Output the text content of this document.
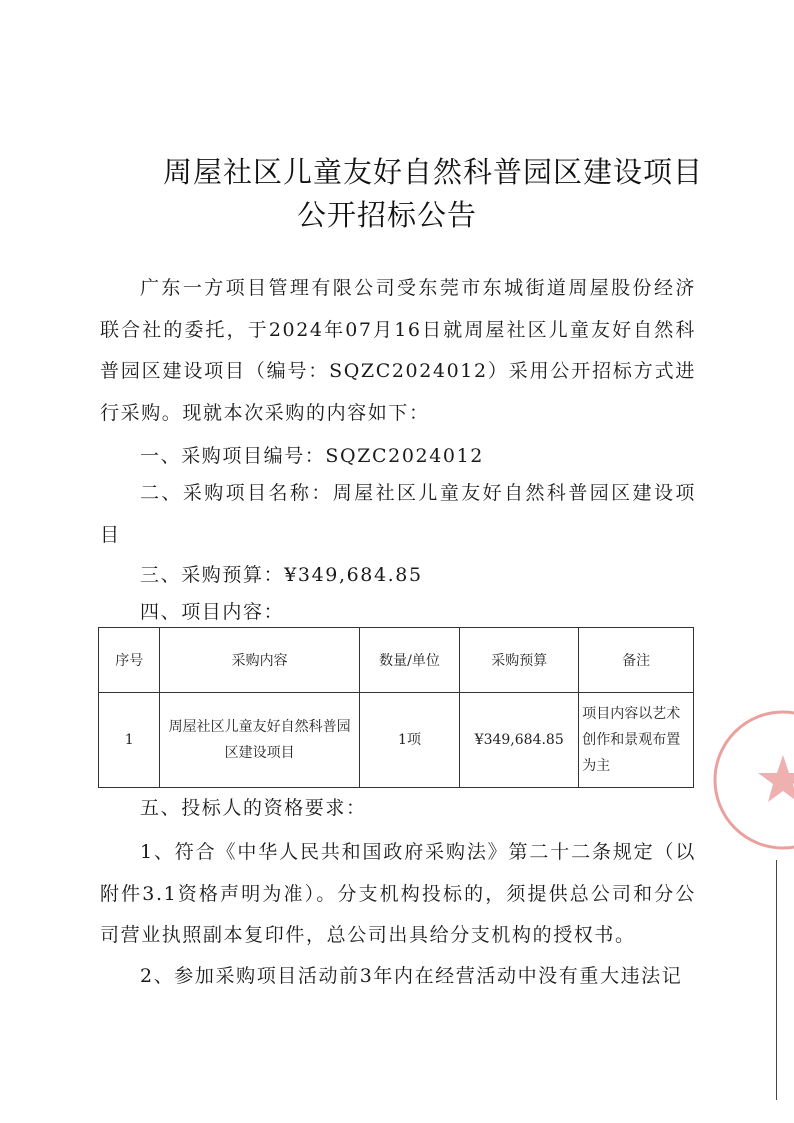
周屋社区儿童友好自然科普园区建设项目
公开招标公告

广东一方项目管理有限公司受东莞市东城街道周屋股份经济联合社的委托，于2024年07月16日就周屋社区儿童友好自然科普园区建设项目（编号：SQZC2024012）采用公开招标方式进行采购。现就本次采购的内容如下：

一、采购项目编号：SQZC2024012

二、采购项目名称：周屋社区儿童友好自然科普园区建设项目

三、采购预算：¥349,684.85
四、项目内容：
序号	采购内容	数量/单位	采购预算	备注
1	周屋社区儿童友好自然科普园区建设项目	1项	¥349,684.85	项目内容以艺术创作和景观布置为主
五、投标人的资格要求：

1、符合《中华人民共和国政府采购法》第二十二条规定（以附件3.1资格声明为准）。分支机构投标的，须提供总公司和分公司营业执照副本复印件，总公司出具给分支机构的授权书。

2、参加采购项目活动前3年内在经营活动中没有重大违法记
